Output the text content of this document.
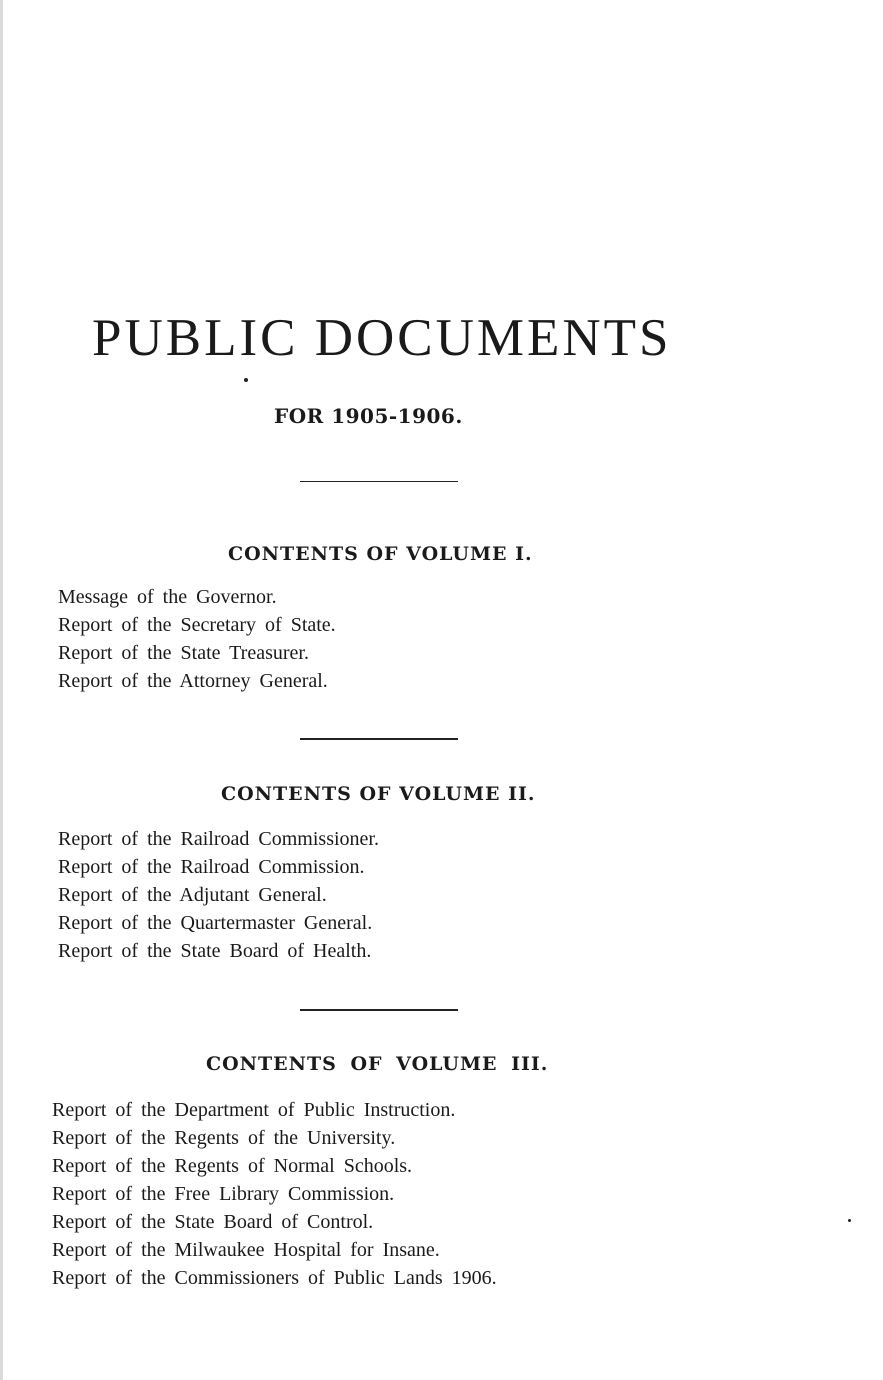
PUBLIC DOCUMENTS
FOR 1905-1906.
CONTENTS OF VOLUME I.
Message of the Governor.
Report of the Secretary of State.
Report of the State Treasurer.
Report of the Attorney General.
CONTENTS OF VOLUME II.
Report of the Railroad Commissioner.
Report of the Railroad Commission.
Report of the Adjutant General.
Report of the Quartermaster General.
Report of the State Board of Health.
CONTENTS OF VOLUME III.
Report of the Department of Public Instruction.
Report of the Regents of the University.
Report of the Regents of Normal Schools.
Report of the Free Library Commission.
Report of the State Board of Control.
Report of the Milwaukee Hospital for Insane.
Report of the Commissioners of Public Lands 1906.
